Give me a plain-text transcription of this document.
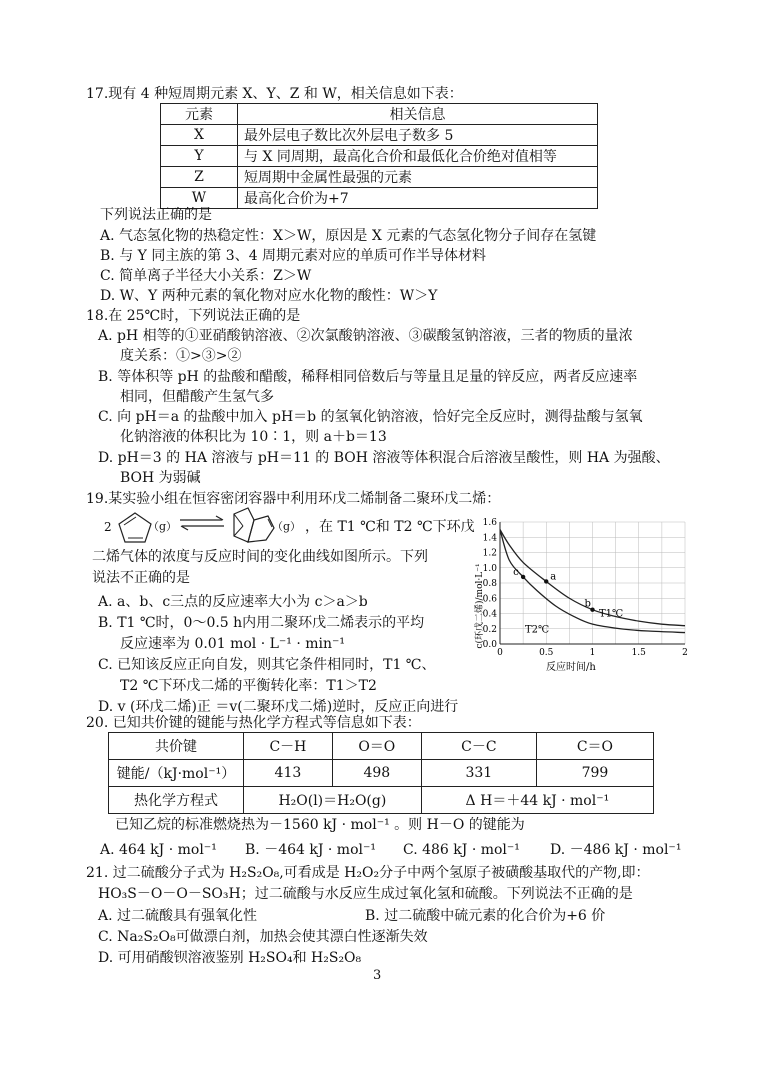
17.现有 4 种短周期元素 X、Y、Z 和 W，相关信息如下表：
元素	相关信息
X	最外层电子数比次外层电子数多 5
Y	与 X 同周期，最高化合价和最低化合价绝对值相等
Z	短周期中金属性最强的元素
W	最高化合价为+7
下列说法正确的是
A. 气态氢化物的热稳定性：X＞W，原因是 X 元素的气态氢化物分子间存在氢键
B. 与 Y 同主族的第 3、4 周期元素对应的单质可作半导体材料
C. 简单离子半径大小关系：Z＞W
D. W、Y 两种元素的氧化物对应水化物的酸性：W＞Y
18.在 25℃时，下列说法正确的是
A. pH 相等的①亚硝酸钠溶液、②次氯酸钠溶液、③碳酸氢钠溶液，三者的物质的量浓
度关系：①>③>②
B. 等体积等 pH 的盐酸和醋酸，稀释相同倍数后与等量且足量的锌反应，两者反应速率
相同，但醋酸产生氢气多
C. 向 pH＝a 的盐酸中加入 pH＝b 的氢氧化钠溶液，恰好完全反应时，测得盐酸与氢氧
化钠溶液的体积比为 10∶1，则 a＋b＝13
D. pH＝3 的 HA 溶液与 pH＝11 的 BOH 溶液等体积混合后溶液呈酸性，则 HA 为强酸、
BOH 为弱碱
19.某实验小组在恒容密闭容器中利用环戊二烯制备二聚环戊二烯：
2	（g） ⇌	（g） ，在 T1 ℃和 T2 ℃下环戊
二烯气体的浓度与反应时间的变化曲线如图所示。下列
说法不正确的是
A. a、b、c三点的反应速率大小为 c＞a＞b
B. T1 ℃时，0～0.5 h内用二聚环戊二烯表示的平均
反应速率为 0.01 mol · L⁻¹ · min⁻¹
C. 已知该反应正向自发，则其它条件相同时，T1 ℃、
T2 ℃下环戊二烯的平衡转化率：T1＞T2
D. v (环戊二烯)正 ＝v(二聚环戊二烯)逆时，反应正向进行
0.0
0.2
0.4
0.6
0.8
1.0
1.2
1.4
1.6
0	0.5	1	1.5	2
T1℃
T2℃
a
b
c
反应时间/h
c(环戊二烯)/mol·L⁻¹
20. 已知共价键的键能与热化学方程式等信息如下表：
共价键	C－H	O＝O	C－C	C＝O
键能/（kJ·mol⁻¹）	413	498	331	799
热化学方程式	H₂O(l)＝H₂O(g)		Δ H＝＋44 kJ · mol⁻¹	
已知乙烷的标准燃烧热为－1560 kJ · mol⁻¹ 。则 H－O 的键能为
A. 464 kJ · mol⁻¹ B. －464 kJ · mol⁻¹ C. 486 kJ · mol⁻¹ D. －486 kJ · mol⁻¹
21. 过二硫酸分子式为 H₂S₂O₈,可看成是 H₂O₂分子中两个氢原子被磺酸基取代的产物,即：
HO₃S－O－O－SO₃H；过二硫酸与水反应生成过氧化氢和硫酸。下列说法不正确的是
A. 过二硫酸具有强氧化性	B. 过二硫酸中硫元素的化合价为+6 价
C. Na₂S₂O₈可做漂白剂，加热会使其漂白性逐渐失效
D. 可用硝酸钡溶液鉴别 H₂SO₄和 H₂S₂O₈
3
